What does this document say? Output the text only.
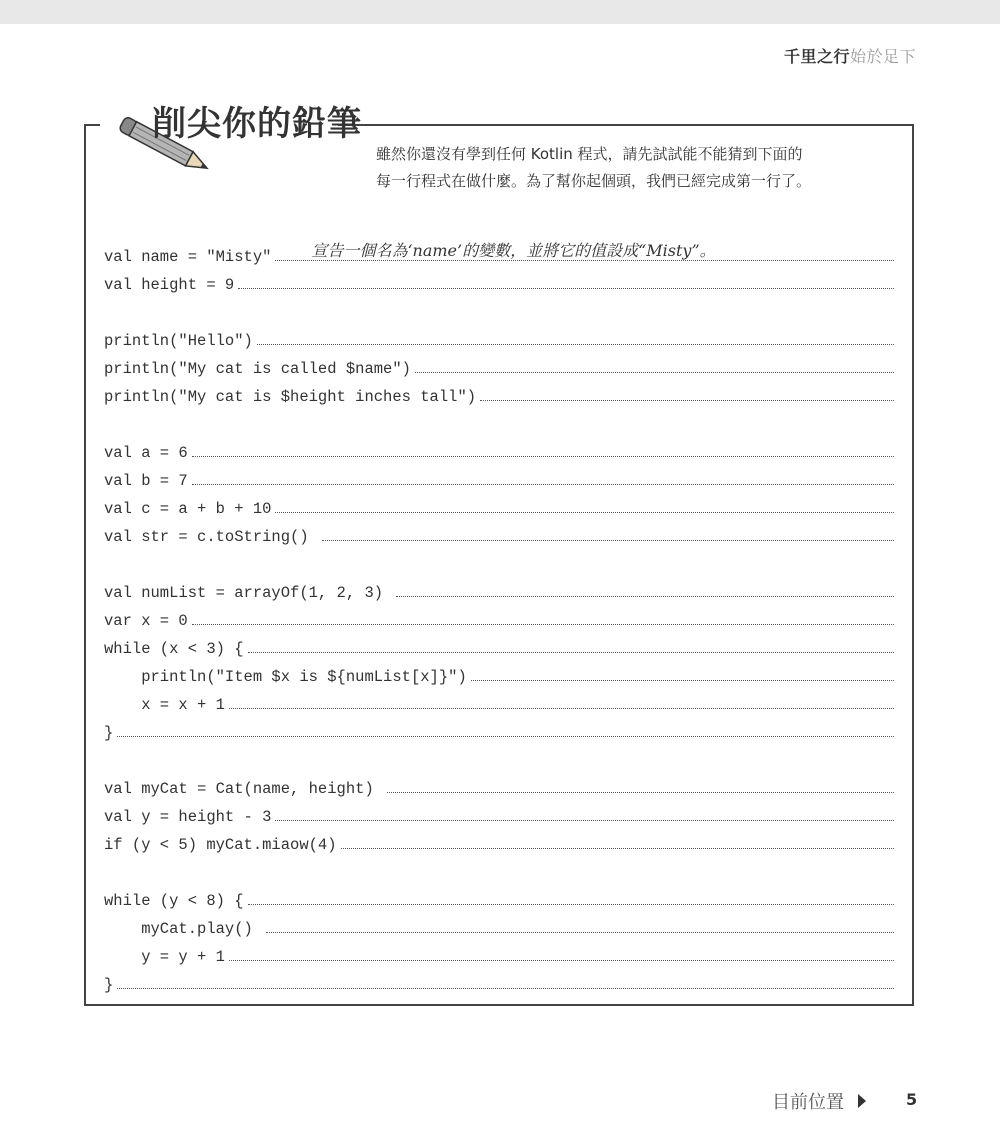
千里之行始於足下
削尖你的鉛筆
雖然你還沒有學到任何 Kotlin 程式，請先試試能不能猜到下面的
每一行程式在做什麼。為了幫你起個頭，我們已經完成第一行了。
val name = "Misty"	宣告一個名為‘name’的變數，並將它的值設成“Misty”。
val height = 9
println("Hello")
println("My cat is called $name")
println("My cat is $height inches tall")
val a = 6
val b = 7
val c = a + b + 10
val str = c.toString()
val numList = arrayOf(1, 2, 3)
var x = 0
while (x < 3) {
println("Item $x is ${numList[x]}")
x = x + 1
}
val myCat = Cat(name, height)
val y = height - 3
if (y < 5) myCat.miaow(4)
while (y < 8) {
myCat.play()
y = y + 1
}
目前位置	5
